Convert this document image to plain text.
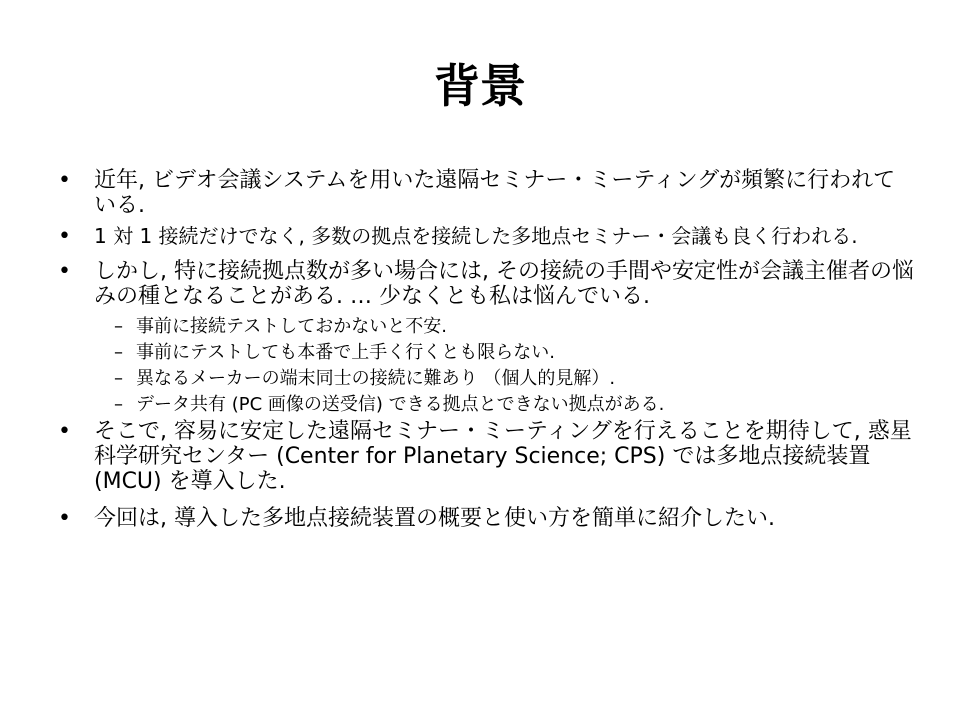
背景
• 近年, ビデオ会議システムを用いた遠隔セミナー・ミーティングが頻繁に行われている.
• 1 対 1 接続だけでなく, 多数の拠点を接続した多地点セミナー・会議も良く行われる.
• しかし, 特に接続拠点数が多い場合には, その接続の手間や安定性が会議主催者の悩みの種となることがある. … 少なくとも私は悩んでいる.
– 事前に接続テストしておかないと不安.
– 事前にテストしても本番で上手く行くとも限らない.
– 異なるメーカーの端末同士の接続に難あり （個人的見解）.
– データ共有 (PC 画像の送受信) できる拠点とできない拠点がある.
• そこで, 容易に安定した遠隔セミナー・ミーティングを行えることを期待して, 惑星科学研究センター (Center for Planetary Science; CPS) では多地点接続装置 (MCU) を導入した.
• 今回は, 導入した多地点接続装置の概要と使い方を簡単に紹介したい.
